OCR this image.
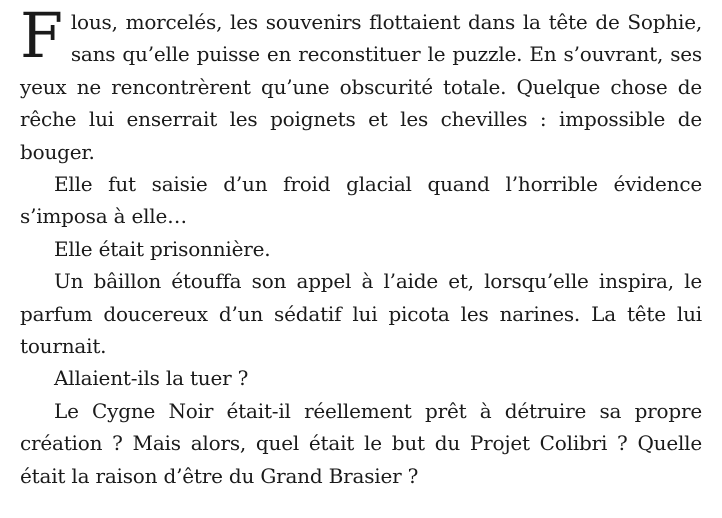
Flous, morcelés, les souvenirs flottaient dans la tête de Sophie, sans qu’elle puisse en reconstituer le puzzle. En s’ouvrant, ses yeux ne rencontrèrent qu’une obscurité totale. Quelque chose de rêche lui enserrait les poignets et les chevilles : impossible de bouger.

Elle fut saisie d’un froid glacial quand l’horrible évidence s’imposa à elle…

Elle était prisonnière.

Un bâillon étouffa son appel à l’aide et, lorsqu’elle inspira, le parfum doucereux d’un sédatif lui picota les narines. La tête lui tournait.

Allaient-ils la tuer ?

Le Cygne Noir était-il réellement prêt à détruire sa propre création ? Mais alors, quel était le but du Projet Colibri ? Quelle était la raison d’être du Grand Brasier ?
